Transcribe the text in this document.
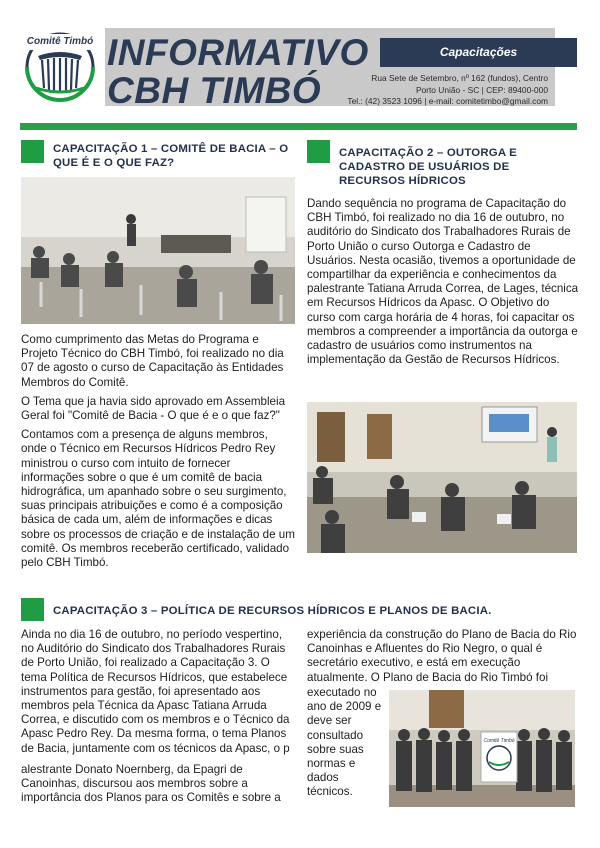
Comitê Timbó INFORMATIVO
CBH TIMBÓ
Capacitações
Rua Sete de Setembro, nº 162 (fundos), Centro
Porto União - SC | CEP: 89400-000
Tel.: (42) 3523 1096 | e-mail: comitetimbo@gmail.com
CAPACITAÇÃO 1 – COMITÊ DE BACIA – O QUE É E O QUE FAZ?

Como cumprimento das Metas do Programa e Projeto Técnico do CBH Timbó, foi realizado no dia 07 de agosto o curso de Capacitação às Entidades Membros do Comitê.

O Tema que ja havia sido aprovado em Assembleia Geral foi "Comitê de Bacia - O que é e o que faz?"

Contamos com a presença de alguns membros, onde o Técnico em Recursos Hídricos Pedro Rey ministrou o curso com intuito de fornecer informações sobre o que é um comitê de bacia hidrográfica, um apanhado sobre o seu surgimento, suas principais atribuições e como é a composição básica de cada um, além de informações e dicas sobre os processos de criação e de instalação de um comitê. Os membros receberão certificado, validado pelo CBH Timbó.

CAPACITAÇÃO 2 – OUTORGA E CADASTRO DE USUÁRIOS DE RECURSOS HÍDRICOS

Dando sequência no programa de Capacitação do CBH Timbó, foi realizado no dia 16 de outubro, no auditório do Sindicato dos Trabalhadores Rurais de Porto União o curso Outorga e Cadastro de Usuários. Nesta ocasião, tivemos a oportunidade de compartilhar da experiência e conhecimentos da palestrante Tatiana Arruda Correa, de Lages, técnica em Recursos Hídricos da Apasc. O Objetivo do curso com carga horária de 4 horas, foi capacitar os membros a compreender a importância da outorga e cadastro de usuários como instrumentos na implementação da Gestão de Recursos Hídricos.

CAPACITAÇÃO 3 – POLÍTICA DE RECURSOS HÍDRICOS E PLANOS DE BACIA.

Ainda no dia 16 de outubro, no período vespertino, no Auditório do Sindicato dos Trabalhadores Rurais de Porto União, foi realizado a Capacitação 3. O tema Política de Recursos Hídricos, que estabelece instrumentos para gestão, foi apresentado aos membros pela Técnica da Apasc Tatiana Arruda Correa, e discutido com os membros e o Técnico da Apasc Pedro Rey. Da mesma forma, o tema Planos de Bacia, juntamente com os técnicos da Apasc, o p

alestrante Donato Noernberg, da Epagri de Canoinhas, discursou aos membros sobre a importância dos Planos para os Comitês e sobre a

experiência da construção do Plano de Bacia do Rio Canoinhas e Afluentes do Rio Negro, o qual é secretário executivo, e está em execução atualmente. O Plano de Bacia do Rio Timbó foi

executado no ano de 2009 e deve ser consultado sobre suas normas e dados técnicos.

Comitê Timbó
